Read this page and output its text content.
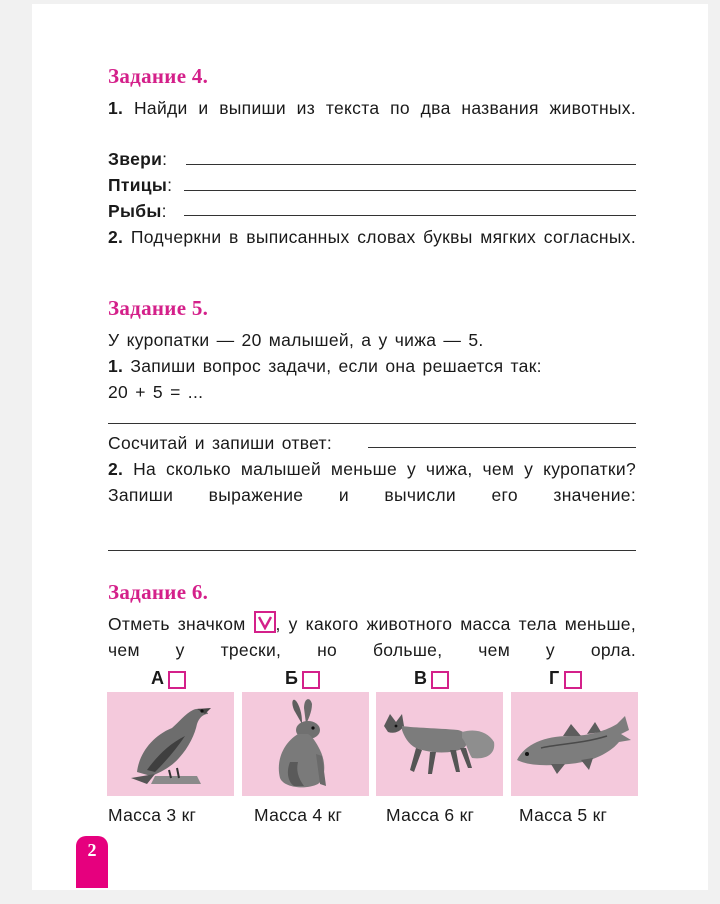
Задание 4.
1. Найди и выпиши из текста по два названия животных.
Звери:
Птицы:
Рыбы:
2. Подчеркни в выписанных словах буквы мягких согласных.
Задание 5.
У куропатки — 20 малышей, а у чижа — 5.
1. Запиши вопрос задачи, если она решается так:
20 + 5 = ...
Сосчитай и запиши ответ:
2. На сколько малышей меньше у чижа, чем у куропатки? Запиши выражение и вычисли его значение:
Задание 6.
Отметь значком , у какого животного масса тела меньше, чем у трески, но больше, чем у орла.
А	Б	В	Г
Масса 3 кг	Масса 4 кг	Масса 6 кг	Масса 5 кг
2
